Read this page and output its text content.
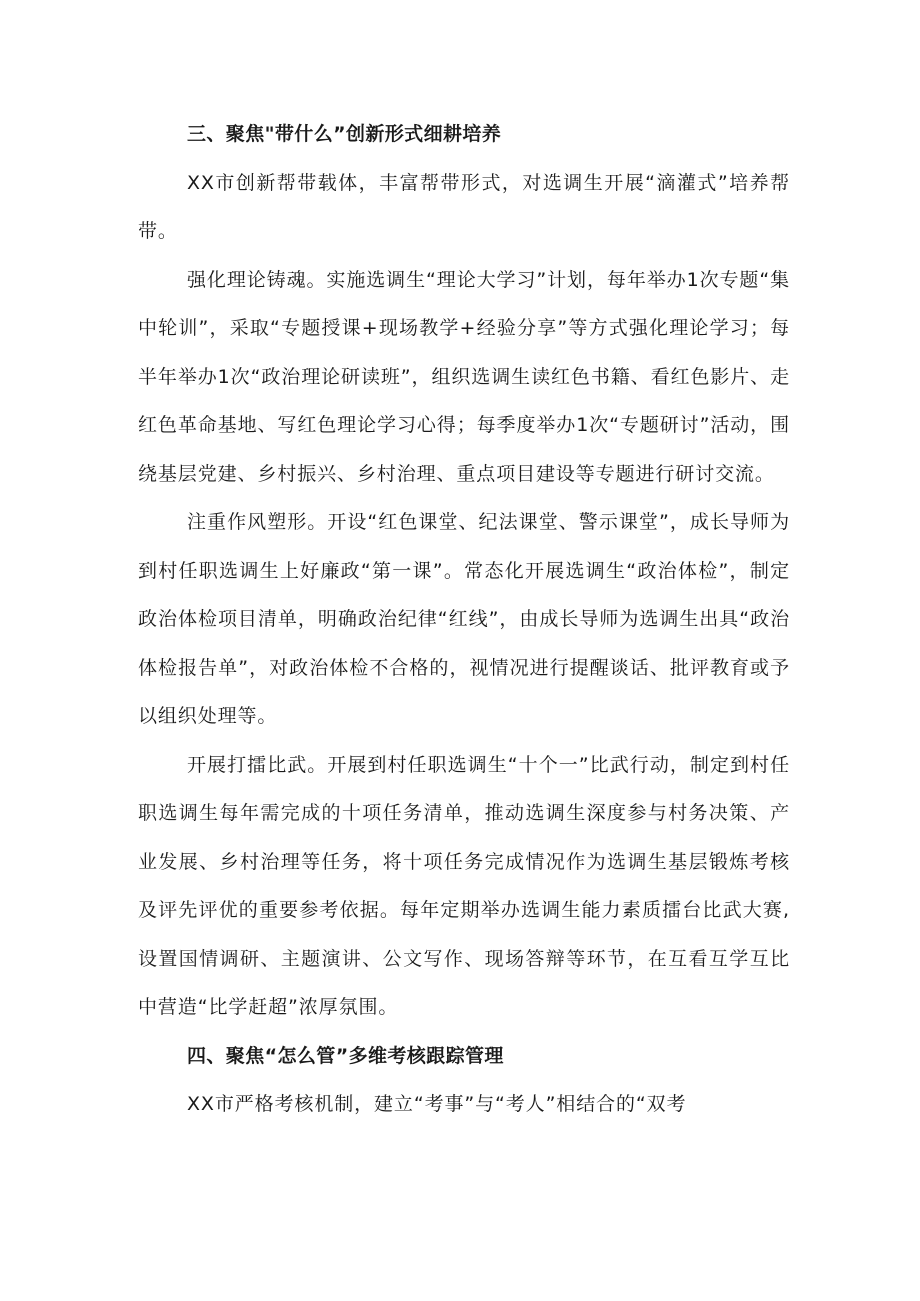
三、聚焦"带什么”创新形式细耕培养

XX市创新帮带载体，丰富帮带形式，对选调生开展“滴灌式”培养帮带。

强化理论铸魂。实施选调生“理论大学习”计划，每年举办1次专题“集中轮训”，采取“专题授课+现场教学+经验分享”等方式强化理论学习；每半年举办1次“政治理论研读班”，组织选调生读红色书籍、看红色影片、走红色革命基地、写红色理论学习心得；每季度举办1次“专题研讨”活动，围绕基层党建、乡村振兴、乡村治理、重点项目建设等专题进行研讨交流。

注重作风塑形。开设“红色课堂、纪法课堂、警示课堂”，成长导师为到村任职选调生上好廉政“第一课”。常态化开展选调生“政治体检”，制定政治体检项目清单，明确政治纪律“红线”，由成长导师为选调生出具“政治体检报告单”，对政治体检不合格的，视情况进行提醒谈话、批评教育或予以组织处理等。

开展打擂比武。开展到村任职选调生“十个一”比武行动，制定到村任职选调生每年需完成的十项任务清单，推动选调生深度参与村务决策、产业发展、乡村治理等任务，将十项任务完成情况作为选调生基层锻炼考核及评先评优的重要参考依据。每年定期举办选调生能力素质擂台比武大赛,设置国情调研、主题演讲、公文写作、现场答辩等环节，在互看互学互比中营造“比学赶超”浓厚氛围。

四、聚焦“怎么管”多维考核跟踪管理

XX市严格考核机制，建立“考事”与“考人”相结合的“双考
